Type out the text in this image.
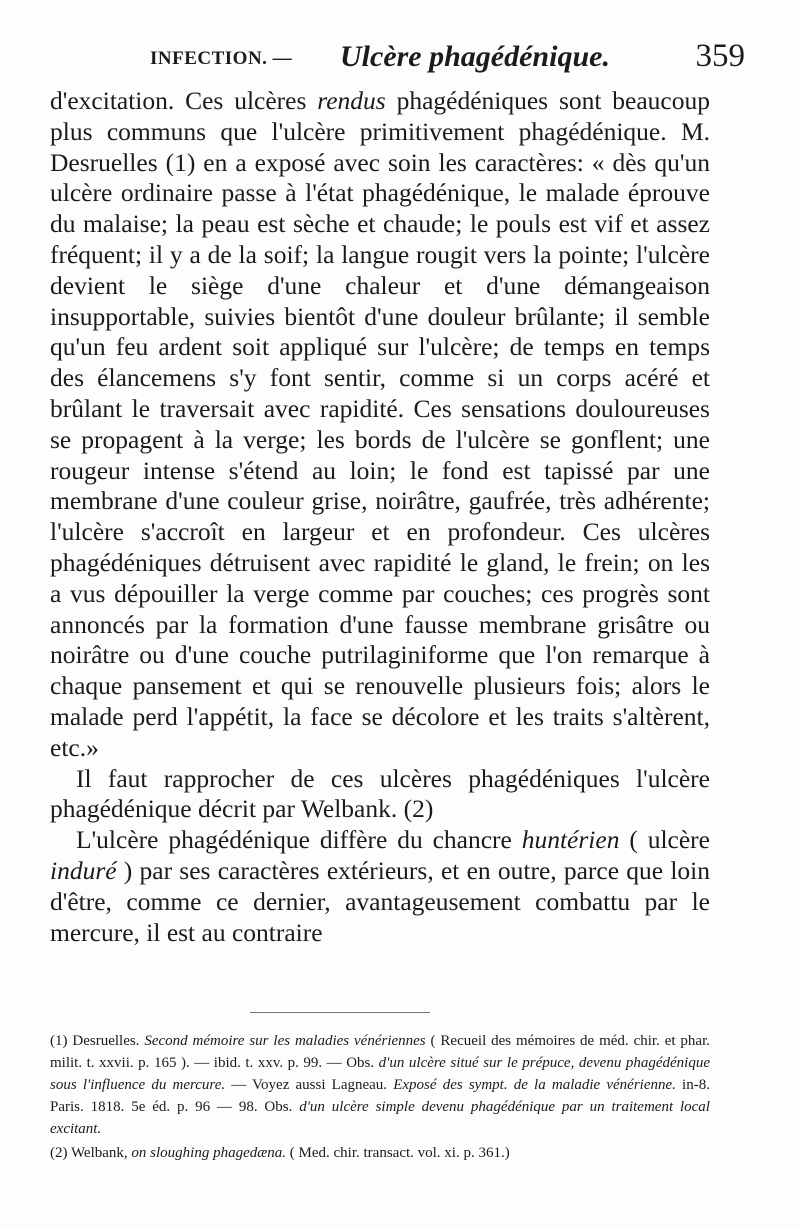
INFECTION. — Ulcère phagédénique.	359

d'excitation. Ces ulcères rendus phagédéniques sont beaucoup plus communs que l'ulcère primitivement phagédénique. M. Desruelles (1) en a exposé avec soin les caractères: « dès qu'un ulcère ordinaire passe à l'état phagédénique, le malade éprouve du malaise; la peau est sèche et chaude; le pouls est vif et assez fréquent; il y a de la soif; la langue rougit vers la pointe; l'ulcère devient le siège d'une chaleur et d'une démangeaison insupportable, suivies bientôt d'une douleur brûlante; il semble qu'un feu ardent soit appliqué sur l'ulcère; de temps en temps des élancemens s'y font sentir, comme si un corps acéré et brûlant le traversait avec rapidité. Ces sensations douloureuses se propagent à la verge; les bords de l'ulcère se gonflent; une rougeur intense s'étend au loin; le fond est tapissé par une membrane d'une couleur grise, noirâtre, gaufrée, très adhérente; l'ulcère s'accroît en largeur et en profondeur. Ces ulcères phagédéniques détruisent avec rapidité le gland, le frein; on les a vus dépouiller la verge comme par couches; ces progrès sont annoncés par la formation d'une fausse membrane grisâtre ou noirâtre ou d'une couche putrilaginiforme que l'on remarque à chaque pansement et qui se renouvelle plusieurs fois; alors le malade perd l'appétit, la face se décolore et les traits s'altèrent, etc.»

Il faut rapprocher de ces ulcères phagédéniques l'ulcère phagédénique décrit par Welbank. (2)

L'ulcère phagédénique diffère du chancre huntérien ( ulcère induré ) par ses caractères extérieurs, et en outre, parce que loin d'être, comme ce dernier, avantageusement combattu par le mercure, il est au contraire

(1) Desruelles. Second mémoire sur les maladies vénériennes ( Recueil des mémoires de méd. chir. et phar. milit. t. xxvii. p. 165 ). — ibid. t. xxv. p. 99. — Obs. d'un ulcère situé sur le prépuce, devenu phagédénique sous l'influence du mercure. — Voyez aussi Lagneau. Exposé des sympt. de la maladie vénérienne. in-8. Paris. 1818. 5e éd. p. 96 — 98. Obs. d'un ulcère simple devenu phagédénique par un traitement local excitant.

(2) Welbank, on sloughing phagedæna. ( Med. chir. transact. vol. xi. p. 361.)
